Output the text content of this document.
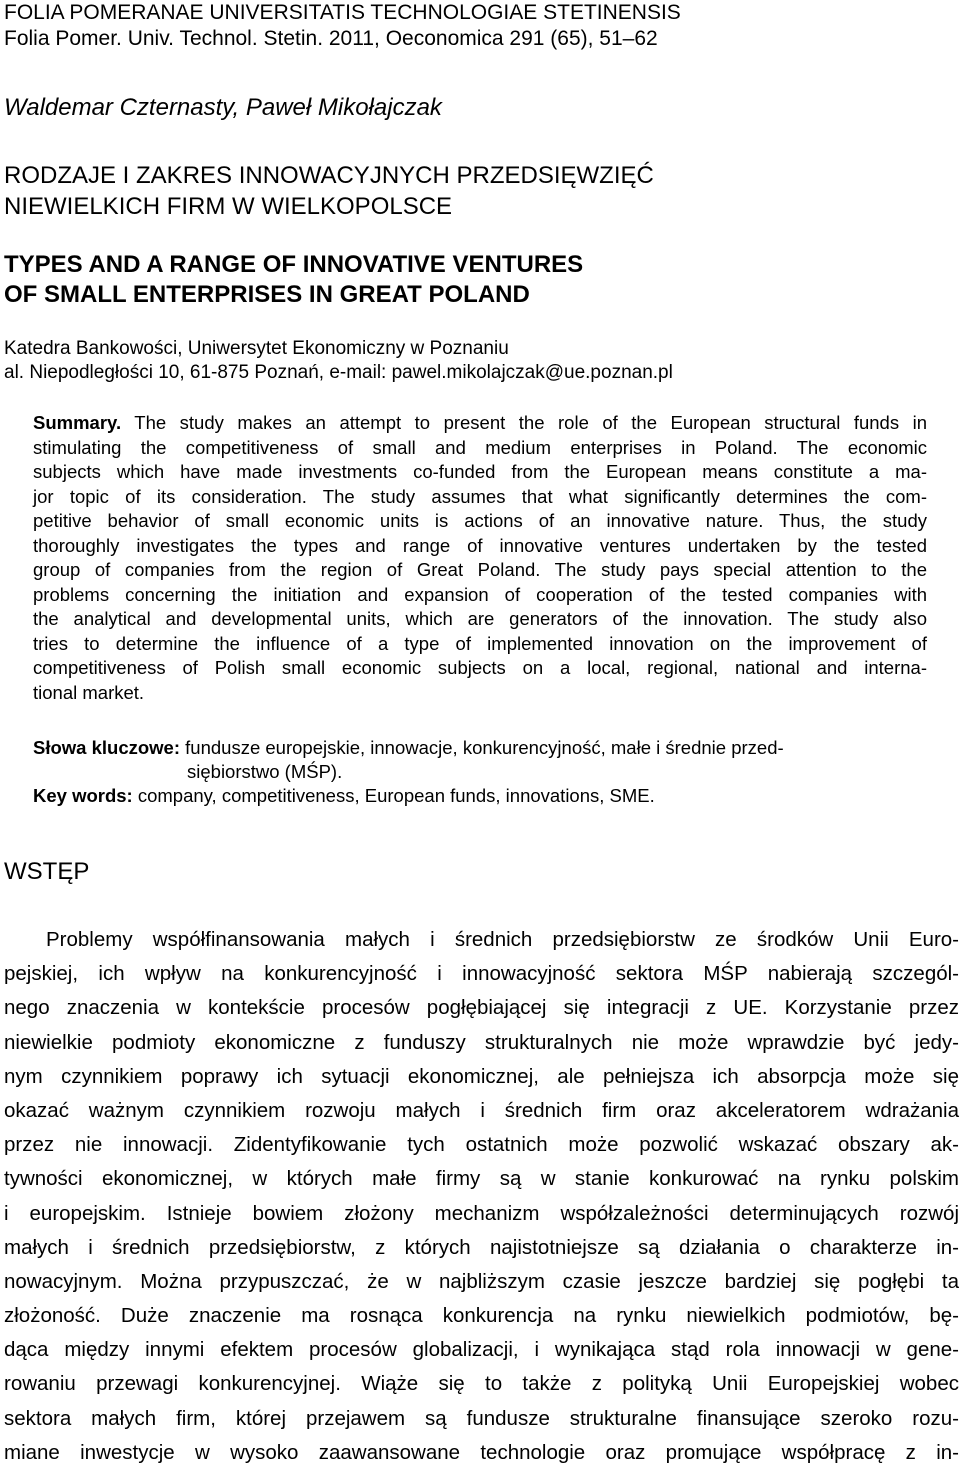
FOLIA POMERANAE UNIVERSITATIS TECHNOLOGIAE STETINENSIS
Folia Pomer. Univ. Technol. Stetin. 2011, Oeconomica 291 (65), 51–62
Waldemar Czternasty, Paweł Mikołajczak
RODZAJE I ZAKRES INNOWACYJNYCH PRZEDSIĘWZIĘĆ
NIEWIELKICH FIRM W WIELKOPOLSCE
TYPES AND A RANGE OF INNOVATIVE VENTURES
OF SMALL ENTERPRISES IN GREAT POLAND
Katedra Bankowości, Uniwersytet Ekonomiczny w Poznaniu
al. Niepodległości 10, 61-875 Poznań, e-mail: pawel.mikolajczak@ue.poznan.pl
Summary. The study makes an attempt to present the role of the European structural funds in
stimulating the competitiveness of small and medium enterprises in Poland. The economic
subjects which have made investments co-funded from the European means constitute a ma-
jor topic of its consideration. The study assumes that what significantly determines the com-
petitive behavior of small economic units is actions of an innovative nature. Thus, the study
thoroughly investigates the types and range of innovative ventures undertaken by the tested
group of companies from the region of Great Poland. The study pays special attention to the
problems concerning the initiation and expansion of cooperation of the tested companies with
the analytical and developmental units, which are generators of the innovation. The study also
tries to determine the influence of a type of implemented innovation on the improvement of
competitiveness of Polish small economic subjects on a local, regional, national and interna-
tional market.
Słowa kluczowe: fundusze europejskie, innowacje, konkurencyjność, małe i średnie przed-
siębiorstwo (MŚP).
Key words: company, competitiveness, European funds, innovations, SME.
WSTĘP
Problemy współfinansowania małych i średnich przedsiębiorstw ze środków Unii Euro-
pejskiej, ich wpływ na konkurencyjność i innowacyjność sektora MŚP nabierają szczegól-
nego znaczenia w kontekście procesów pogłębiającej się integracji z UE. Korzystanie przez
niewielkie podmioty ekonomiczne z funduszy strukturalnych nie może wprawdzie być jedy-
nym czynnikiem poprawy ich sytuacji ekonomicznej, ale pełniejsza ich absorpcja może się
okazać ważnym czynnikiem rozwoju małych i średnich firm oraz akceleratorem wdrażania
przez nie innowacji. Zidentyfikowanie tych ostatnich może pozwolić wskazać obszary ak-
tywności ekonomicznej, w których małe firmy są w stanie konkurować na rynku polskim
i europejskim. Istnieje bowiem złożony mechanizm współzależności determinujących rozwój
małych i średnich przedsiębiorstw, z których najistotniejsze są działania o charakterze in-
nowacyjnym. Można przypuszczać, że w najbliższym czasie jeszcze bardziej się pogłębi ta
złożoność. Duże znaczenie ma rosnąca konkurencja na rynku niewielkich podmiotów, bę-
dąca między innymi efektem procesów globalizacji, i wynikająca stąd rola innowacji w gene-
rowaniu przewagi konkurencyjnej. Wiąże się to także z polityką Unii Europejskiej wobec
sektora małych firm, której przejawem są fundusze strukturalne finansujące szeroko rozu-
miane inwestycje w wysoko zaawansowane technologie oraz promujące współpracę z in-
